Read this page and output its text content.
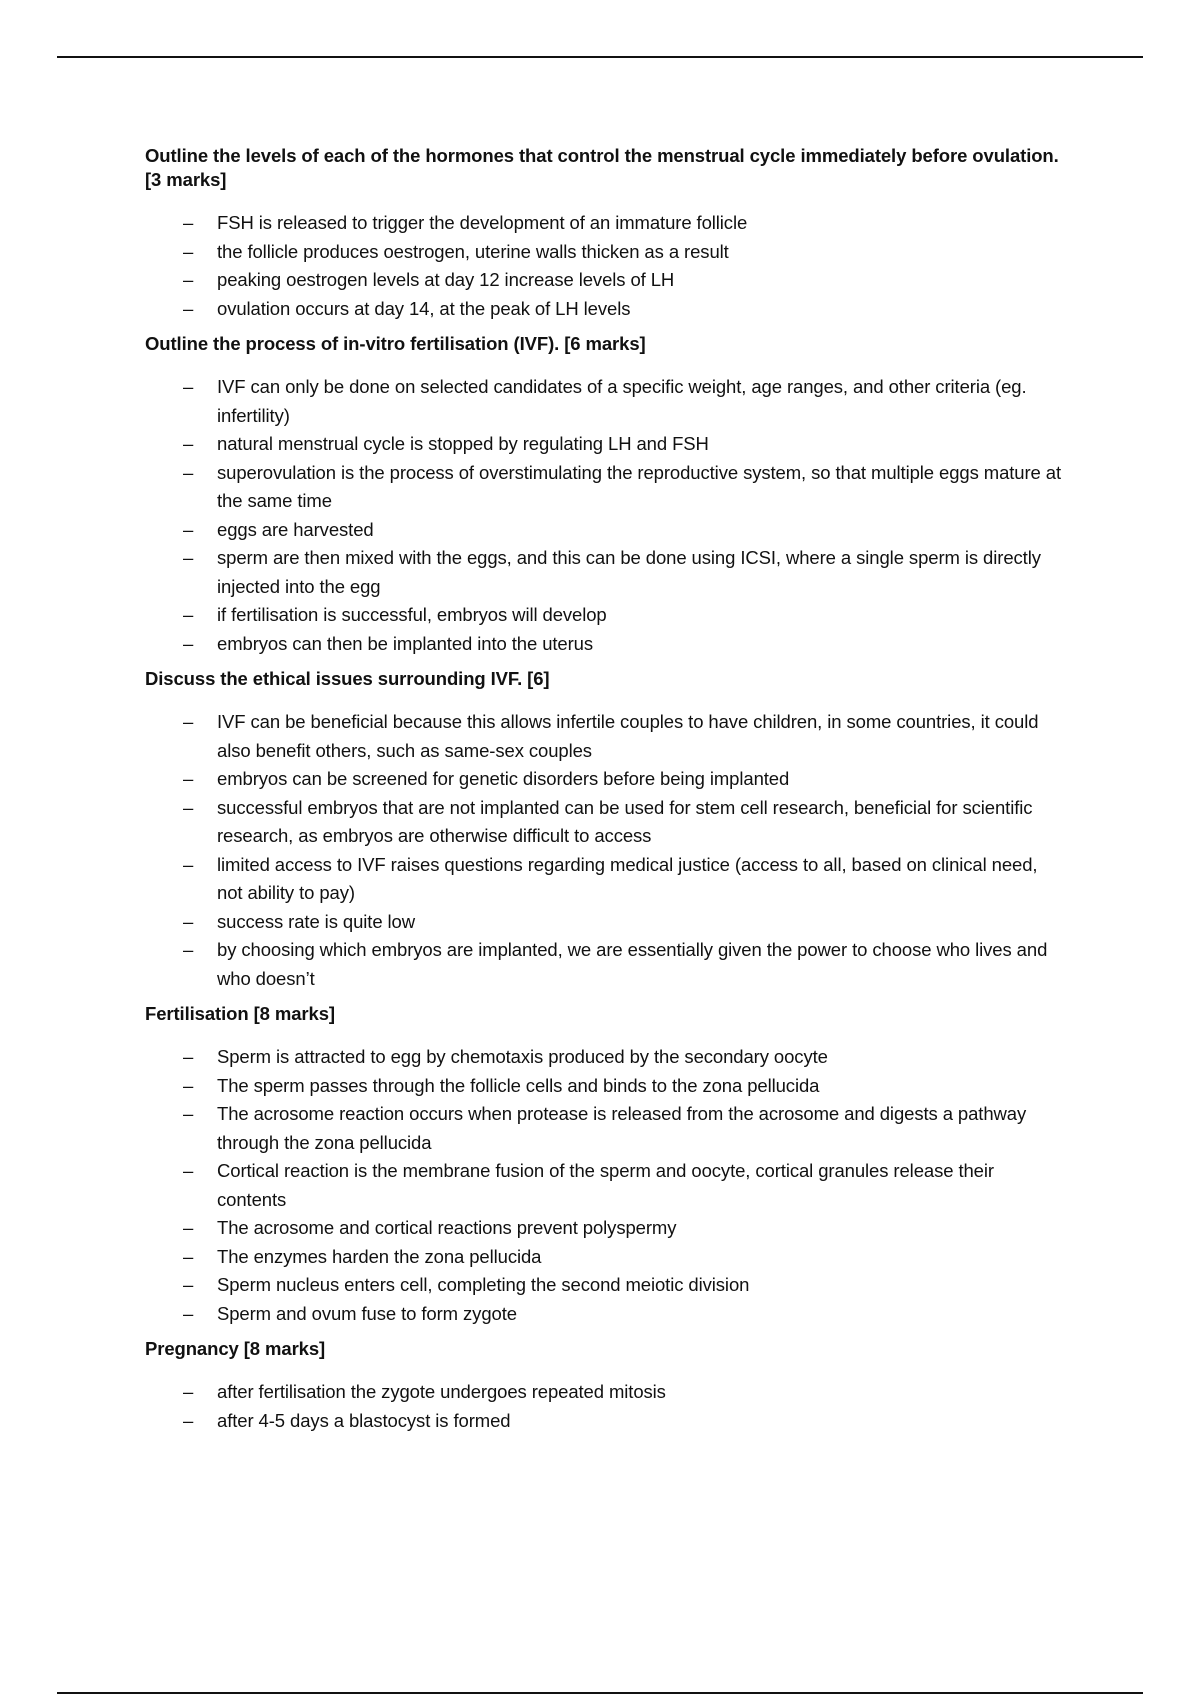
Outline the levels of each of the hormones that control the menstrual cycle immediately before ovulation. [3 marks]

– FSH is released to trigger the development of an immature follicle
– the follicle produces oestrogen, uterine walls thicken as a result
– peaking oestrogen levels at day 12 increase levels of LH
– ovulation occurs at day 14, at the peak of LH levels

Outline the process of in-vitro fertilisation (IVF). [6 marks]

– IVF can only be done on selected candidates of a specific weight, age ranges, and other criteria (eg. infertility)
– natural menstrual cycle is stopped by regulating LH and FSH
– superovulation is the process of overstimulating the reproductive system, so that multiple eggs mature at the same time
– eggs are harvested
– sperm are then mixed with the eggs, and this can be done using ICSI, where a single sperm is directly injected into the egg
– if fertilisation is successful, embryos will develop
– embryos can then be implanted into the uterus

Discuss the ethical issues surrounding IVF. [6]

– IVF can be beneficial because this allows infertile couples to have children, in some countries, it could also benefit others, such as same-sex couples
– embryos can be screened for genetic disorders before being implanted
– successful embryos that are not implanted can be used for stem cell research, beneficial for scientific research, as embryos are otherwise difficult to access
– limited access to IVF raises questions regarding medical justice (access to all, based on clinical need, not ability to pay)
– success rate is quite low
– by choosing which embryos are implanted, we are essentially given the power to choose who lives and who doesn’t

Fertilisation [8 marks]

– Sperm is attracted to egg by chemotaxis produced by the secondary oocyte
– The sperm passes through the follicle cells and binds to the zona pellucida
– The acrosome reaction occurs when protease is released from the acrosome and digests a pathway through the zona pellucida
– Cortical reaction is the membrane fusion of the sperm and oocyte, cortical granules release their contents
– The acrosome and cortical reactions prevent polyspermy
– The enzymes harden the zona pellucida
– Sperm nucleus enters cell, completing the second meiotic division
– Sperm and ovum fuse to form zygote

Pregnancy [8 marks]

– after fertilisation the zygote undergoes repeated mitosis
– after 4-5 days a blastocyst is formed
